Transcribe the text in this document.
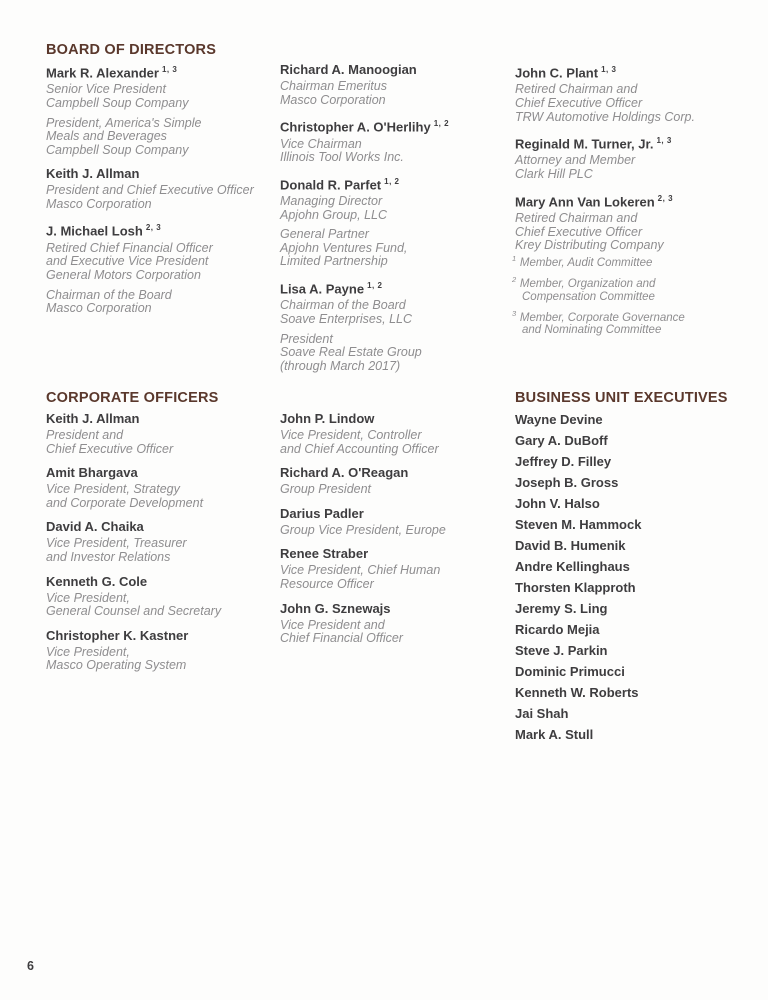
BOARD OF DIRECTORS
Mark R. Alexander $^{1, 3}$
Senior Vice President
Campbell Soup Company
President, America's Simple
Meals and Beverages
Campbell Soup Company
Keith J. Allman
President and Chief Executive Officer
Masco Corporation
J. Michael Losh $^{2, 3}$
Retired Chief Financial Officer
and Executive Vice President
General Motors Corporation
Chairman of the Board
Masco Corporation
Richard A. Manoogian
Chairman Emeritus
Masco Corporation
Christopher A. O'Herlihy $^{1, 2}$
Vice Chairman
Illinois Tool Works Inc.
Donald R. Parfet $^{1, 2}$
Managing Director
Apjohn Group, LLC
General Partner
Apjohn Ventures Fund,
Limited Partnership
Lisa A. Payne $^{1, 2}$
Chairman of the Board
Soave Enterprises, LLC
President
Soave Real Estate Group
(through March 2017)
John C. Plant $^{1, 3}$
Retired Chairman and
Chief Executive Officer
TRW Automotive Holdings Corp.
Reginald M. Turner, Jr. $^{1, 3}$
Attorney and Member
Clark Hill PLC
Mary Ann Van Lokeren $^{2, 3}$
Retired Chairman and
Chief Executive Officer
Krey Distributing Company
$^1$ Member, Audit Committee
$^2$ Member, Organization and
Compensation Committee
$^3$ Member, Corporate Governance
and Nominating Committee
CORPORATE OFFICERS
Keith J. Allman
President and
Chief Executive Officer
Amit Bhargava
Vice President, Strategy
and Corporate Development
David A. Chaika
Vice President, Treasurer
and Investor Relations
Kenneth G. Cole
Vice President,
General Counsel and Secretary
Christopher K. Kastner
Vice President,
Masco Operating System
John P. Lindow
Vice President, Controller
and Chief Accounting Officer
Richard A. O'Reagan
Group President
Darius Padler
Group Vice President, Europe
Renee Straber
Vice President, Chief Human
Resource Officer
John G. Sznewajs
Vice President and
Chief Financial Officer
BUSINESS UNIT EXECUTIVES
Wayne Devine
Gary A. DuBoff
Jeffrey D. Filley
Joseph B. Gross
John V. Halso
Steven M. Hammock
David B. Humenik
Andre Kellinghaus
Thorsten Klapproth
Jeremy S. Ling
Ricardo Mejia
Steve J. Parkin
Dominic Primucci
Kenneth W. Roberts
Jai Shah
Mark A. Stull
6
